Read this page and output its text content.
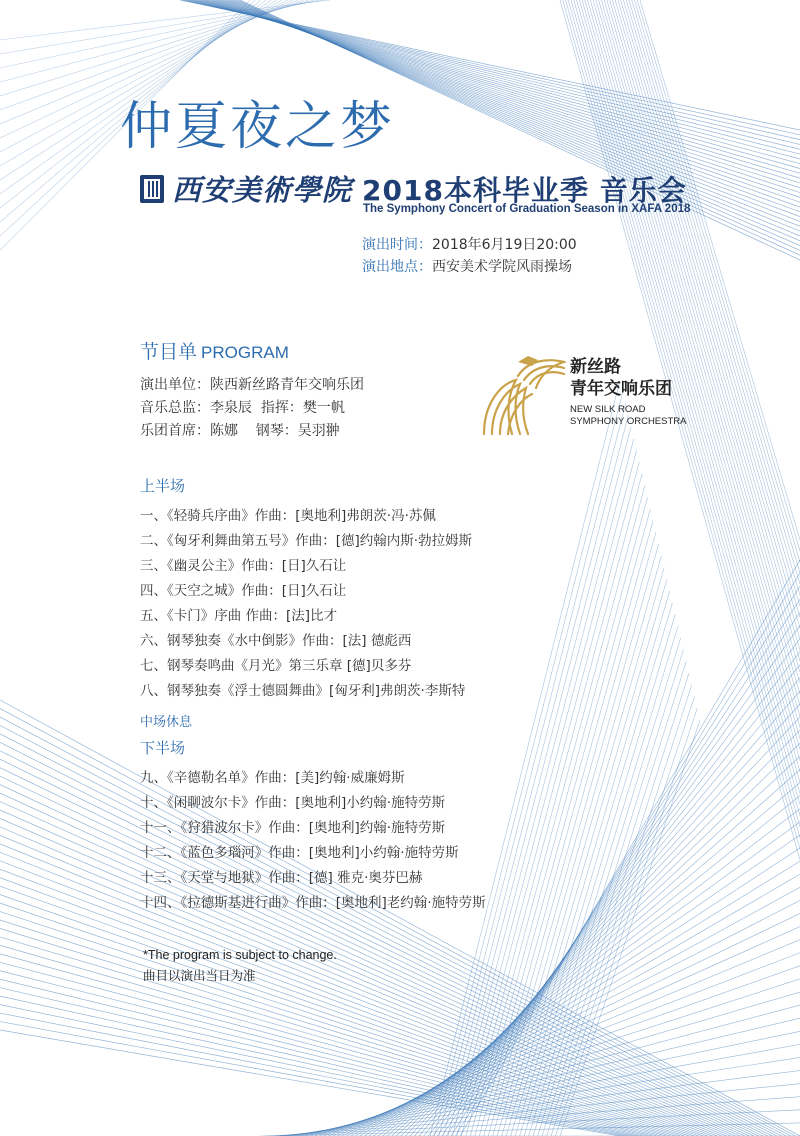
仲夏夜之梦
西安美術學院 2018本科毕业季 音乐会
The Symphony Concert of Graduation Season in XAFA 2018
演出时间：2018年6月19日20:00
演出地点：西安美术学院风雨操场
节目单 PROGRAM
演出单位：陕西新丝路青年交响乐团
音乐总监：李泉辰  指挥：樊一帆
乐团首席：陈娜    钢琴：吴羽翀
新丝路
青年交响乐团
NEW SILK ROAD
SYMPHONY ORCHESTRA
上半场
一、《轻骑兵序曲》作曲：[奥地利]弗朗茨·冯·苏佩
二、《匈牙利舞曲第五号》作曲：[德]约翰内斯·勃拉姆斯
三、《幽灵公主》作曲：[日]久石让
四、《天空之城》作曲：[日]久石让
五、《卡门》序曲 作曲：[法]比才
六、钢琴独奏《水中倒影》作曲：[法] 德彪西
七、钢琴奏鸣曲《月光》第三乐章 [德]贝多芬
八、钢琴独奏《浮士德圆舞曲》[匈牙利]弗朗茨·李斯特
中场休息
下半场
九、《辛德勒名单》作曲：[美]约翰·威廉姆斯
十、《闲聊波尔卡》作曲：[奥地利]小约翰·施特劳斯
十一、《狩猎波尔卡》作曲：[奥地利]约翰·施特劳斯
十二、《蓝色多瑙河》作曲：[奥地利]小约翰·施特劳斯
十三、《天堂与地狱》作曲：[德] 雅克·奥芬巴赫
十四、《拉德斯基进行曲》作曲：[奥地利]老约翰·施特劳斯
*The program is subject to change.
曲目以演出当日为准
